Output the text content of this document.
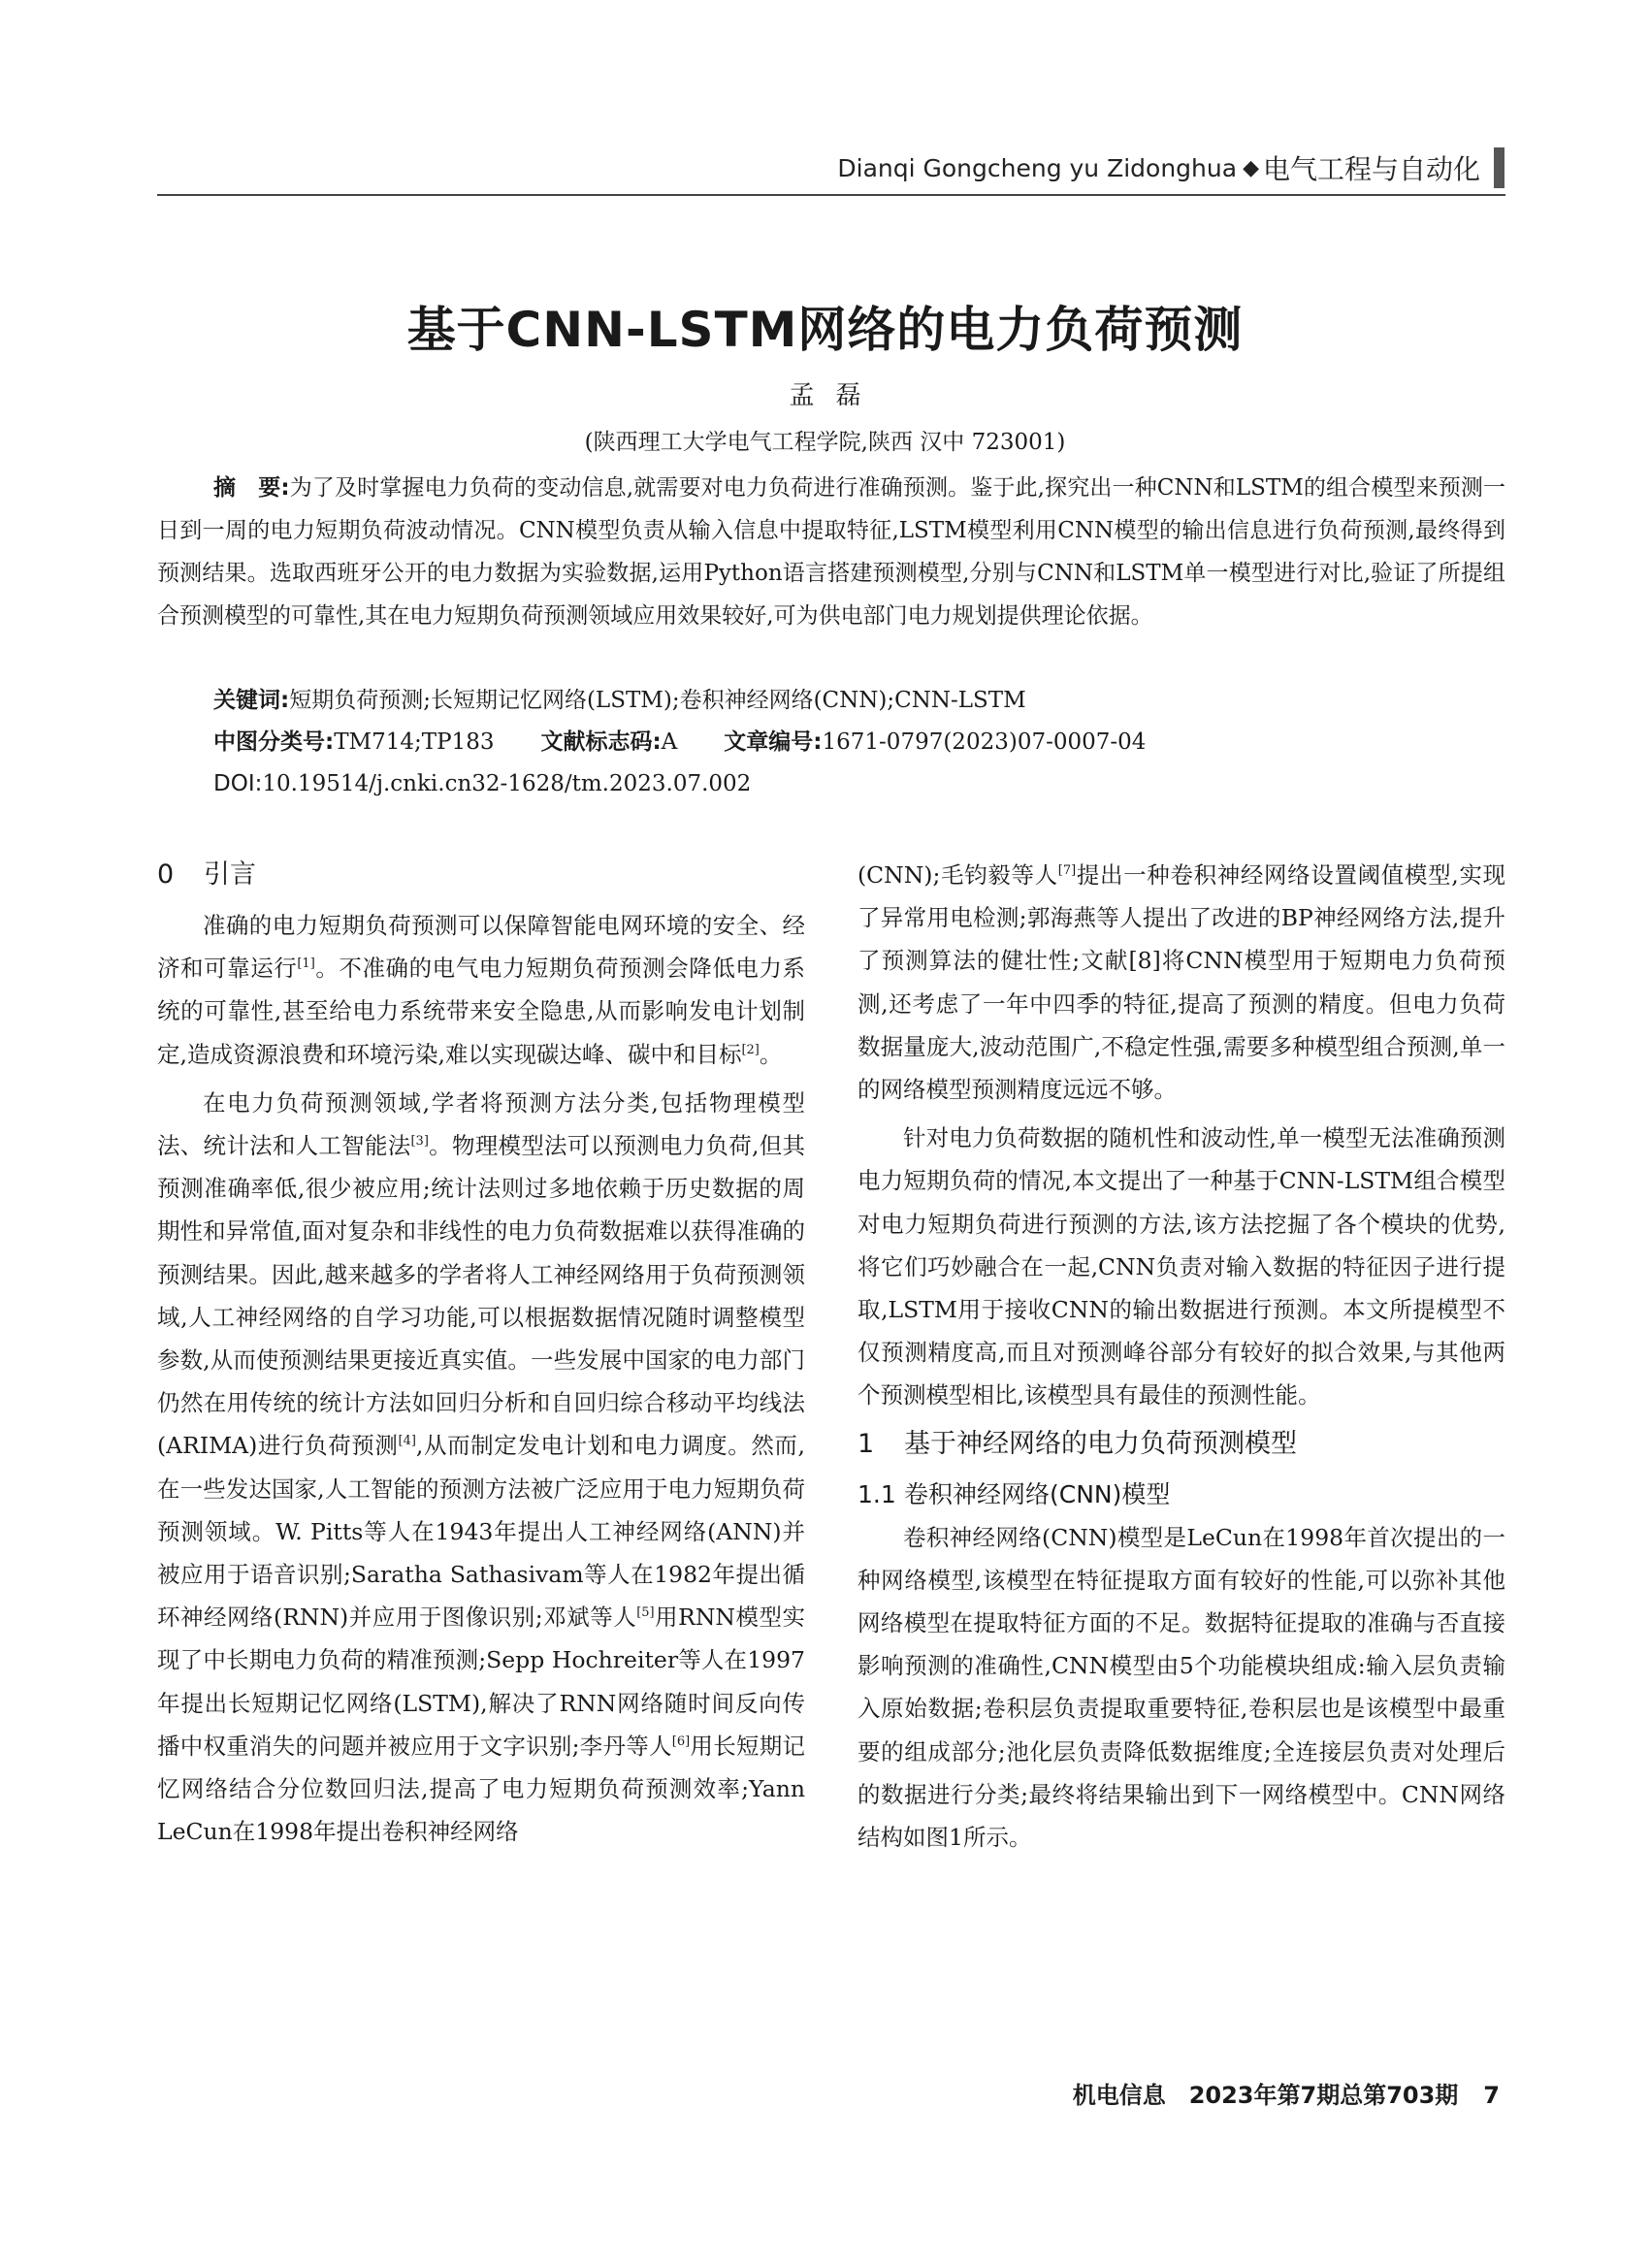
Dianqi Gongcheng yu Zidonghua ◆ 电气工程与自动化
基于CNN-LSTM网络的电力负荷预测
孟磊
(陕西理工大学电气工程学院,陕西 汉中 723001)
摘　要:为了及时掌握电力负荷的变动信息,就需要对电力负荷进行准确预测。鉴于此,探究出一种CNN和LSTM的组合模型来预测一日到一周的电力短期负荷波动情况。CNN模型负责从输入信息中提取特征,LSTM模型利用CNN模型的输出信息进行负荷预测,最终得到预测结果。选取西班牙公开的电力数据为实验数据,运用Python语言搭建预测模型,分别与CNN和LSTM单一模型进行对比,验证了所提组合预测模型的可靠性,其在电力短期负荷预测领域应用效果较好,可为供电部门电力规划提供理论依据。
关键词:短期负荷预测;长短期记忆网络(LSTM);卷积神经网络(CNN);CNN-LSTM
中图分类号:TM714;TP183 文献标志码:A 文章编号:1671-0797(2023)07-0007-04
DOI:10.19514/j.cnki.cn32-1628/tm.2023.07.002
0 引言

准确的电力短期负荷预测可以保障智能电网环境的安全、经济和可靠运行[1]。不准确的电气电力短期负荷预测会降低电力系统的可靠性,甚至给电力系统带来安全隐患,从而影响发电计划制定,造成资源浪费和环境污染,难以实现碳达峰、碳中和目标[2]。

在电力负荷预测领域,学者将预测方法分类,包括物理模型法、统计法和人工智能法[3]。物理模型法可以预测电力负荷,但其预测准确率低,很少被应用;统计法则过多地依赖于历史数据的周期性和异常值,面对复杂和非线性的电力负荷数据难以获得准确的预测结果。因此,越来越多的学者将人工神经网络用于负荷预测领域,人工神经网络的自学习功能,可以根据数据情况随时调整模型参数,从而使预测结果更接近真实值。一些发展中国家的电力部门仍然在用传统的统计方法如回归分析和自回归综合移动平均线法(ARIMA)进行负荷预测[4],从而制定发电计划和电力调度。然而,在一些发达国家,人工智能的预测方法被广泛应用于电力短期负荷预测领域。W. Pitts等人在1943年提出人工神经网络(ANN)并被应用于语音识别;Saratha Sathasivam等人在1982年提出循环神经网络(RNN)并应用于图像识别;邓斌等人[5]用RNN模型实现了中长期电力负荷的精准预测;Sepp Hochreiter等人在1997年提出长短期记忆网络(LSTM),解决了RNN网络随时间反向传播中权重消失的问题并被应用于文字识别;李丹等人[6]用长短期记忆网络结合分位数回归法,提高了电力短期负荷预测效率;Yann LeCun在1998年提出卷积神经网络

(CNN);毛钧毅等人[7]提出一种卷积神经网络设置阈值模型,实现了异常用电检测;郭海燕等人提出了改进的BP神经网络方法,提升了预测算法的健壮性;文献[8]将CNN模型用于短期电力负荷预测,还考虑了一年中四季的特征,提高了预测的精度。但电力负荷数据量庞大,波动范围广,不稳定性强,需要多种模型组合预测,单一的网络模型预测精度远远不够。

针对电力负荷数据的随机性和波动性,单一模型无法准确预测电力短期负荷的情况,本文提出了一种基于CNN-LSTM组合模型对电力短期负荷进行预测的方法,该方法挖掘了各个模块的优势,将它们巧妙融合在一起,CNN负责对输入数据的特征因子进行提取,LSTM用于接收CNN的输出数据进行预测。本文所提模型不仅预测精度高,而且对预测峰谷部分有较好的拟合效果,与其他两个预测模型相比,该模型具有最佳的预测性能。

1 基于神经网络的电力负荷预测模型
1.1 卷积神经网络(CNN)模型

卷积神经网络(CNN)模型是LeCun在1998年首次提出的一种网络模型,该模型在特征提取方面有较好的性能,可以弥补其他网络模型在提取特征方面的不足。数据特征提取的准确与否直接影响预测的准确性,CNN模型由5个功能模块组成:输入层负责输入原始数据;卷积层负责提取重要特征,卷积层也是该模型中最重要的组成部分;池化层负责降低数据维度;全连接层负责对处理后的数据进行分类;最终将结果输出到下一网络模型中。CNN网络结构如图1所示。

机电信息　2023年第7期总第703期 7
